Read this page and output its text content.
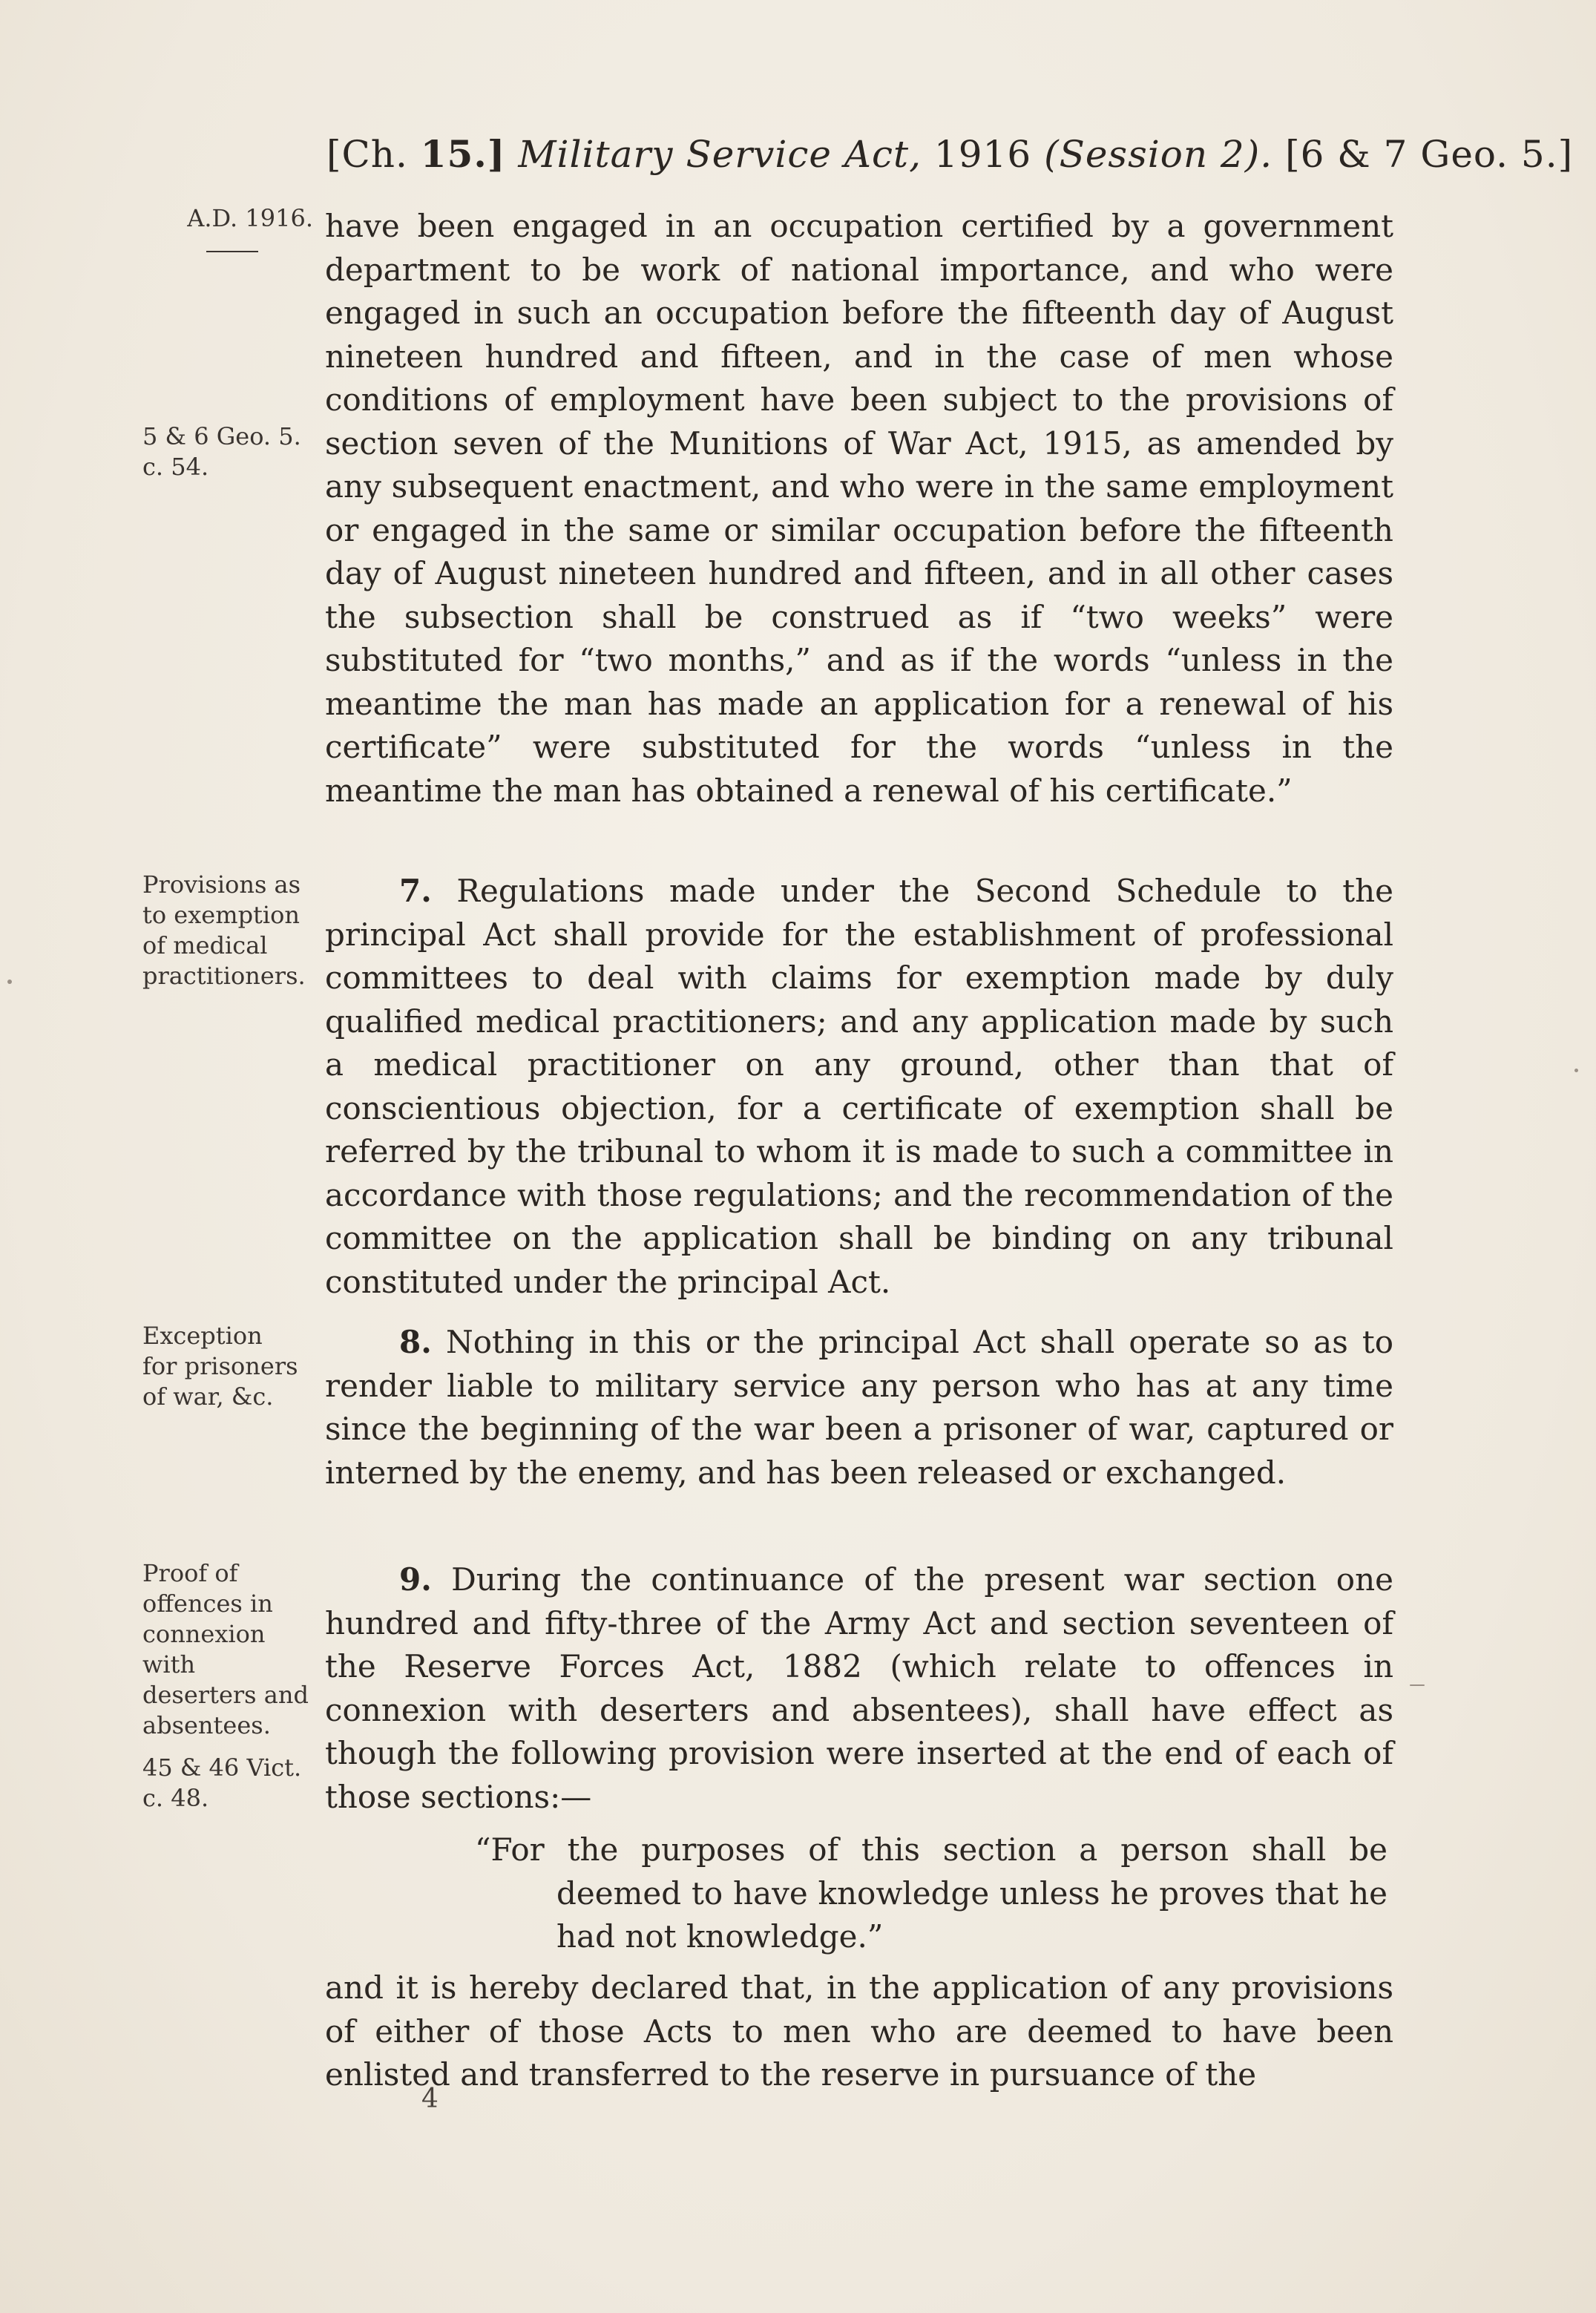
[Ch. 15.] Military Service Act, 1916 (Session 2). [6 & 7 Geo. 5.]
A.D. 1916.
5 & 6 Geo. 5. c. 54.
Provisions as to exemption of medical practitioners.
Exception for prisoners of war, &c.
Proof of offences in connexion with deserters and absentees.
45 & 46 Vict. c. 48.

have been engaged in an occupation certified by a government department to be work of national importance, and who were engaged in such an occupation before the fifteenth day of August nineteen hundred and fifteen, and in the case of men whose conditions of employment have been subject to the provisions of section seven of the Munitions of War Act, 1915, as amended by any subsequent enactment, and who were in the same employment or engaged in the same or similar occupation before the fifteenth day of August nineteen hundred and fifteen, and in all other cases the subsection shall be construed as if “two weeks” were substituted for “two months,” and as if the words “unless in the meantime the man has made an application for a renewal of his certificate” were substituted for the words “unless in the meantime the man has obtained a renewal of his certificate.”

7. Regulations made under the Second Schedule to the principal Act shall provide for the establishment of professional committees to deal with claims for exemption made by duly qualified medical practitioners; and any application made by such a medical practitioner on any ground, other than that of conscientious objection, for a certificate of exemption shall be referred by the tribunal to whom it is made to such a committee in accordance with those regulations; and the recommendation of the committee on the application shall be binding on any tribunal constituted under the principal Act.

8. Nothing in this or the principal Act shall operate so as to render liable to military service any person who has at any time since the beginning of the war been a prisoner of war, captured or interned by the enemy, and has been released or exchanged.

9. During the continuance of the present war section one hundred and fifty-three of the Army Act and section seventeen of the Reserve Forces Act, 1882 (which relate to offences in connexion with deserters and absentees), shall have effect as though the following provision were inserted at the end of each of those sections:—

“For the purposes of this section a person shall be deemed to have knowledge unless he proves that he had not knowledge.”

and it is hereby declared that, in the application of any provisions of either of those Acts to men who are deemed to have been enlisted and transferred to the reserve in pursuance of the

4
